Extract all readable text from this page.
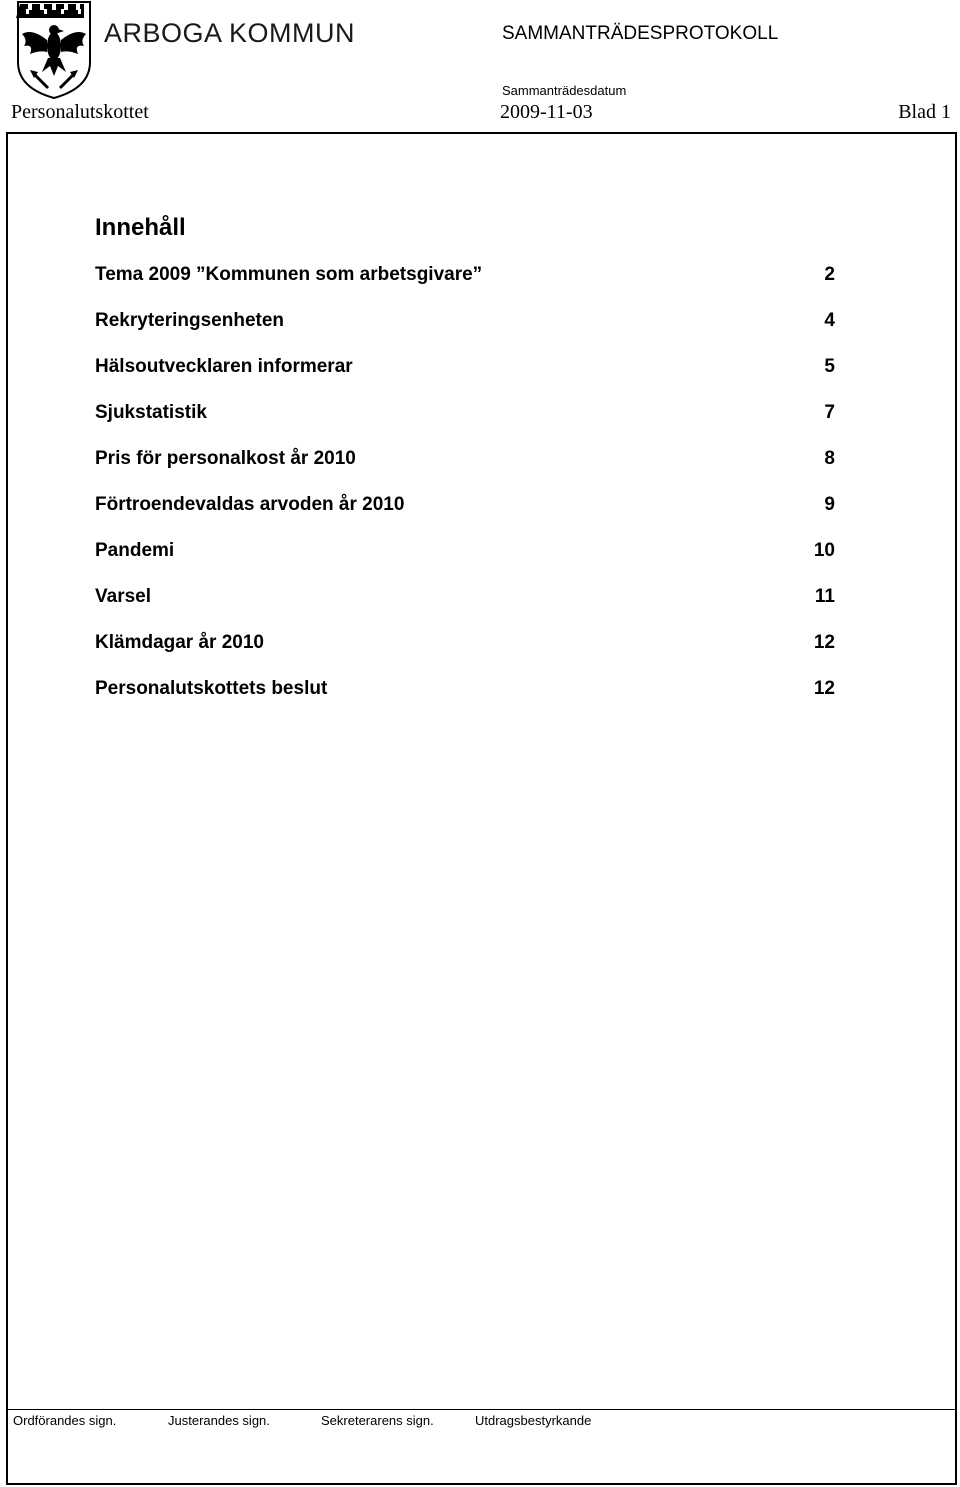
ARBOGA KOMMUN	SAMMANTRÄDESPROTOKOLL
Sammanträdesdatum
Personalutskottet	2009-11-03	Blad 1
Innehåll
Tema 2009 ”Kommunen som arbetsgivare”	2
Rekryteringsenheten	4
Hälsoutvecklaren informerar	5
Sjukstatistik	7
Pris för personalkost år 2010	8
Förtroendevaldas arvoden år 2010	9
Pandemi	10
Varsel	11
Klämdagar år 2010	12
Personalutskottets beslut	12
Ordförandes sign.	Justerandes sign.	Sekreterarens sign.	Utdragsbestyrkande
